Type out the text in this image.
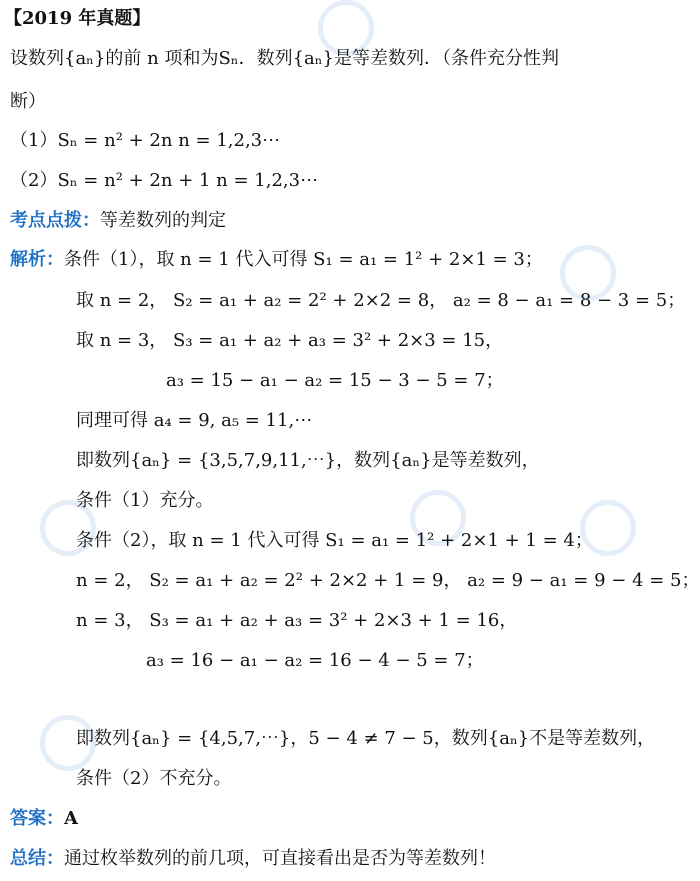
【2019 年真题】
设数列{aₙ}的前 n 项和为Sₙ．数列{aₙ}是等差数列．（条件充分性判
断）
（1）Sₙ = n² + 2n n = 1,2,3⋯
（2）Sₙ = n² + 2n + 1 n = 1,2,3⋯
考点点拨：等差数列的判定
解析：条件（1），取 n = 1 代入可得 S₁ = a₁ = 1² + 2×1 = 3；
取 n = 2， S₂ = a₁ + a₂ = 2² + 2×2 = 8， a₂ = 8 − a₁ = 8 − 3 = 5；
取 n = 3， S₃ = a₁ + a₂ + a₃ = 3² + 2×3 = 15，
a₃ = 15 − a₁ − a₂ = 15 − 3 − 5 = 7；
同理可得 a₄ = 9, a₅ = 11,⋯
即数列{aₙ} = {3,5,7,9,11,⋯}，数列{aₙ}是等差数列，
条件（1）充分。
条件（2），取 n = 1 代入可得 S₁ = a₁ = 1² + 2×1 + 1 = 4；
n = 2， S₂ = a₁ + a₂ = 2² + 2×2 + 1 = 9， a₂ = 9 − a₁ = 9 − 4 = 5；
n = 3， S₃ = a₁ + a₂ + a₃ = 3² + 2×3 + 1 = 16，
a₃ = 16 − a₁ − a₂ = 16 − 4 − 5 = 7；
即数列{aₙ} = {4,5,7,⋯}，5 − 4 ≠ 7 − 5，数列{aₙ}不是等差数列，
条件（2）不充分。
答案：A
总结：通过枚举数列的前几项，可直接看出是否为等差数列！
